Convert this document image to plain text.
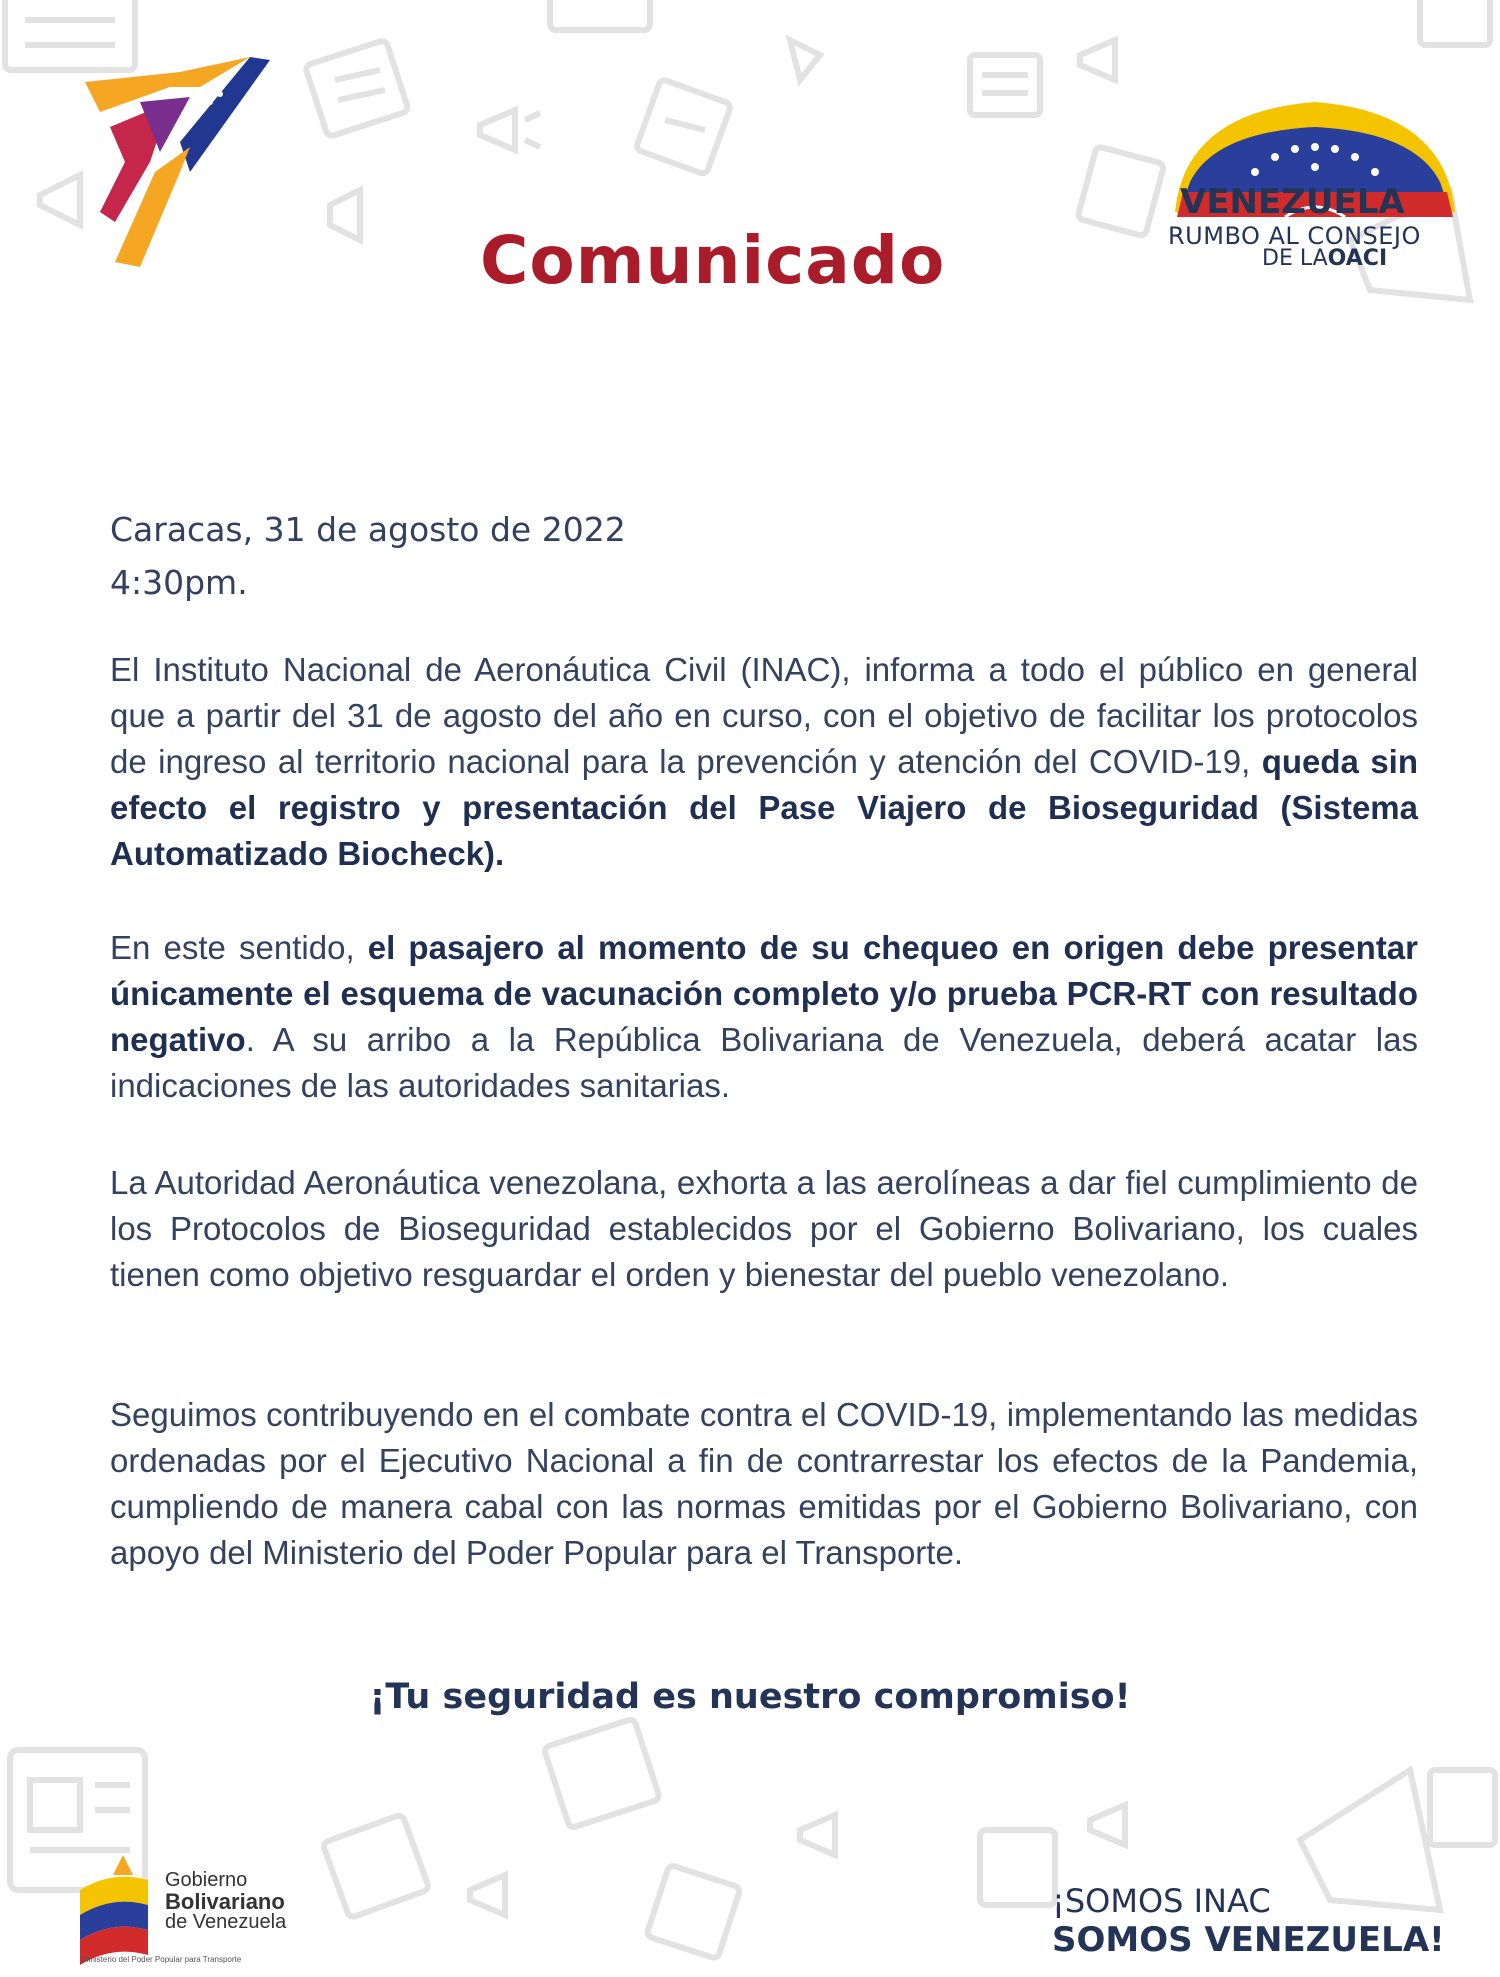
Comunicado
VENEZUELA
RUMBO AL CONSEJO
DE LAOACI
Caracas, 31 de agosto de 2022
4:30pm.

El Instituto Nacional de Aeronáutica Civil (INAC), informa a todo el público en general que a partir del 31 de agosto del año en curso, con el objetivo de facilitar los protocolos de ingreso al territorio nacional para la prevención y atención del COVID-19, queda sin efecto el registro y presentación del Pase Viajero de Bioseguridad (Sistema Automatizado Biocheck).

En este sentido, el pasajero al momento de su chequeo en origen debe presentar únicamente el esquema de vacunación completo y/o prueba PCR-RT con resultado negativo. A su arribo a la República Bolivariana de Venezuela, deberá acatar las indicaciones de las autoridades sanitarias.

La Autoridad Aeronáutica venezolana, exhorta a las aerolíneas a dar fiel cumplimiento de los Protocolos de Bioseguridad establecidos por el Gobierno Bolivariano, los cuales tienen como objetivo resguardar el orden y bienestar del pueblo venezolano.

Seguimos contribuyendo en el combate contra el COVID-19, implementando las medidas ordenadas por el Ejecutivo Nacional a fin de contrarrestar los efectos de la Pandemia, cumpliendo de manera cabal con las normas emitidas por el Gobierno Bolivariano, con apoyo del Ministerio del Poder Popular para el Transporte.

¡Tu seguridad es nuestro compromiso!
Gobierno
Bolivariano
de Venezuela
Ministerio del Poder Popular para Transporte
¡SOMOS INAC
SOMOS VENEZUELA!
